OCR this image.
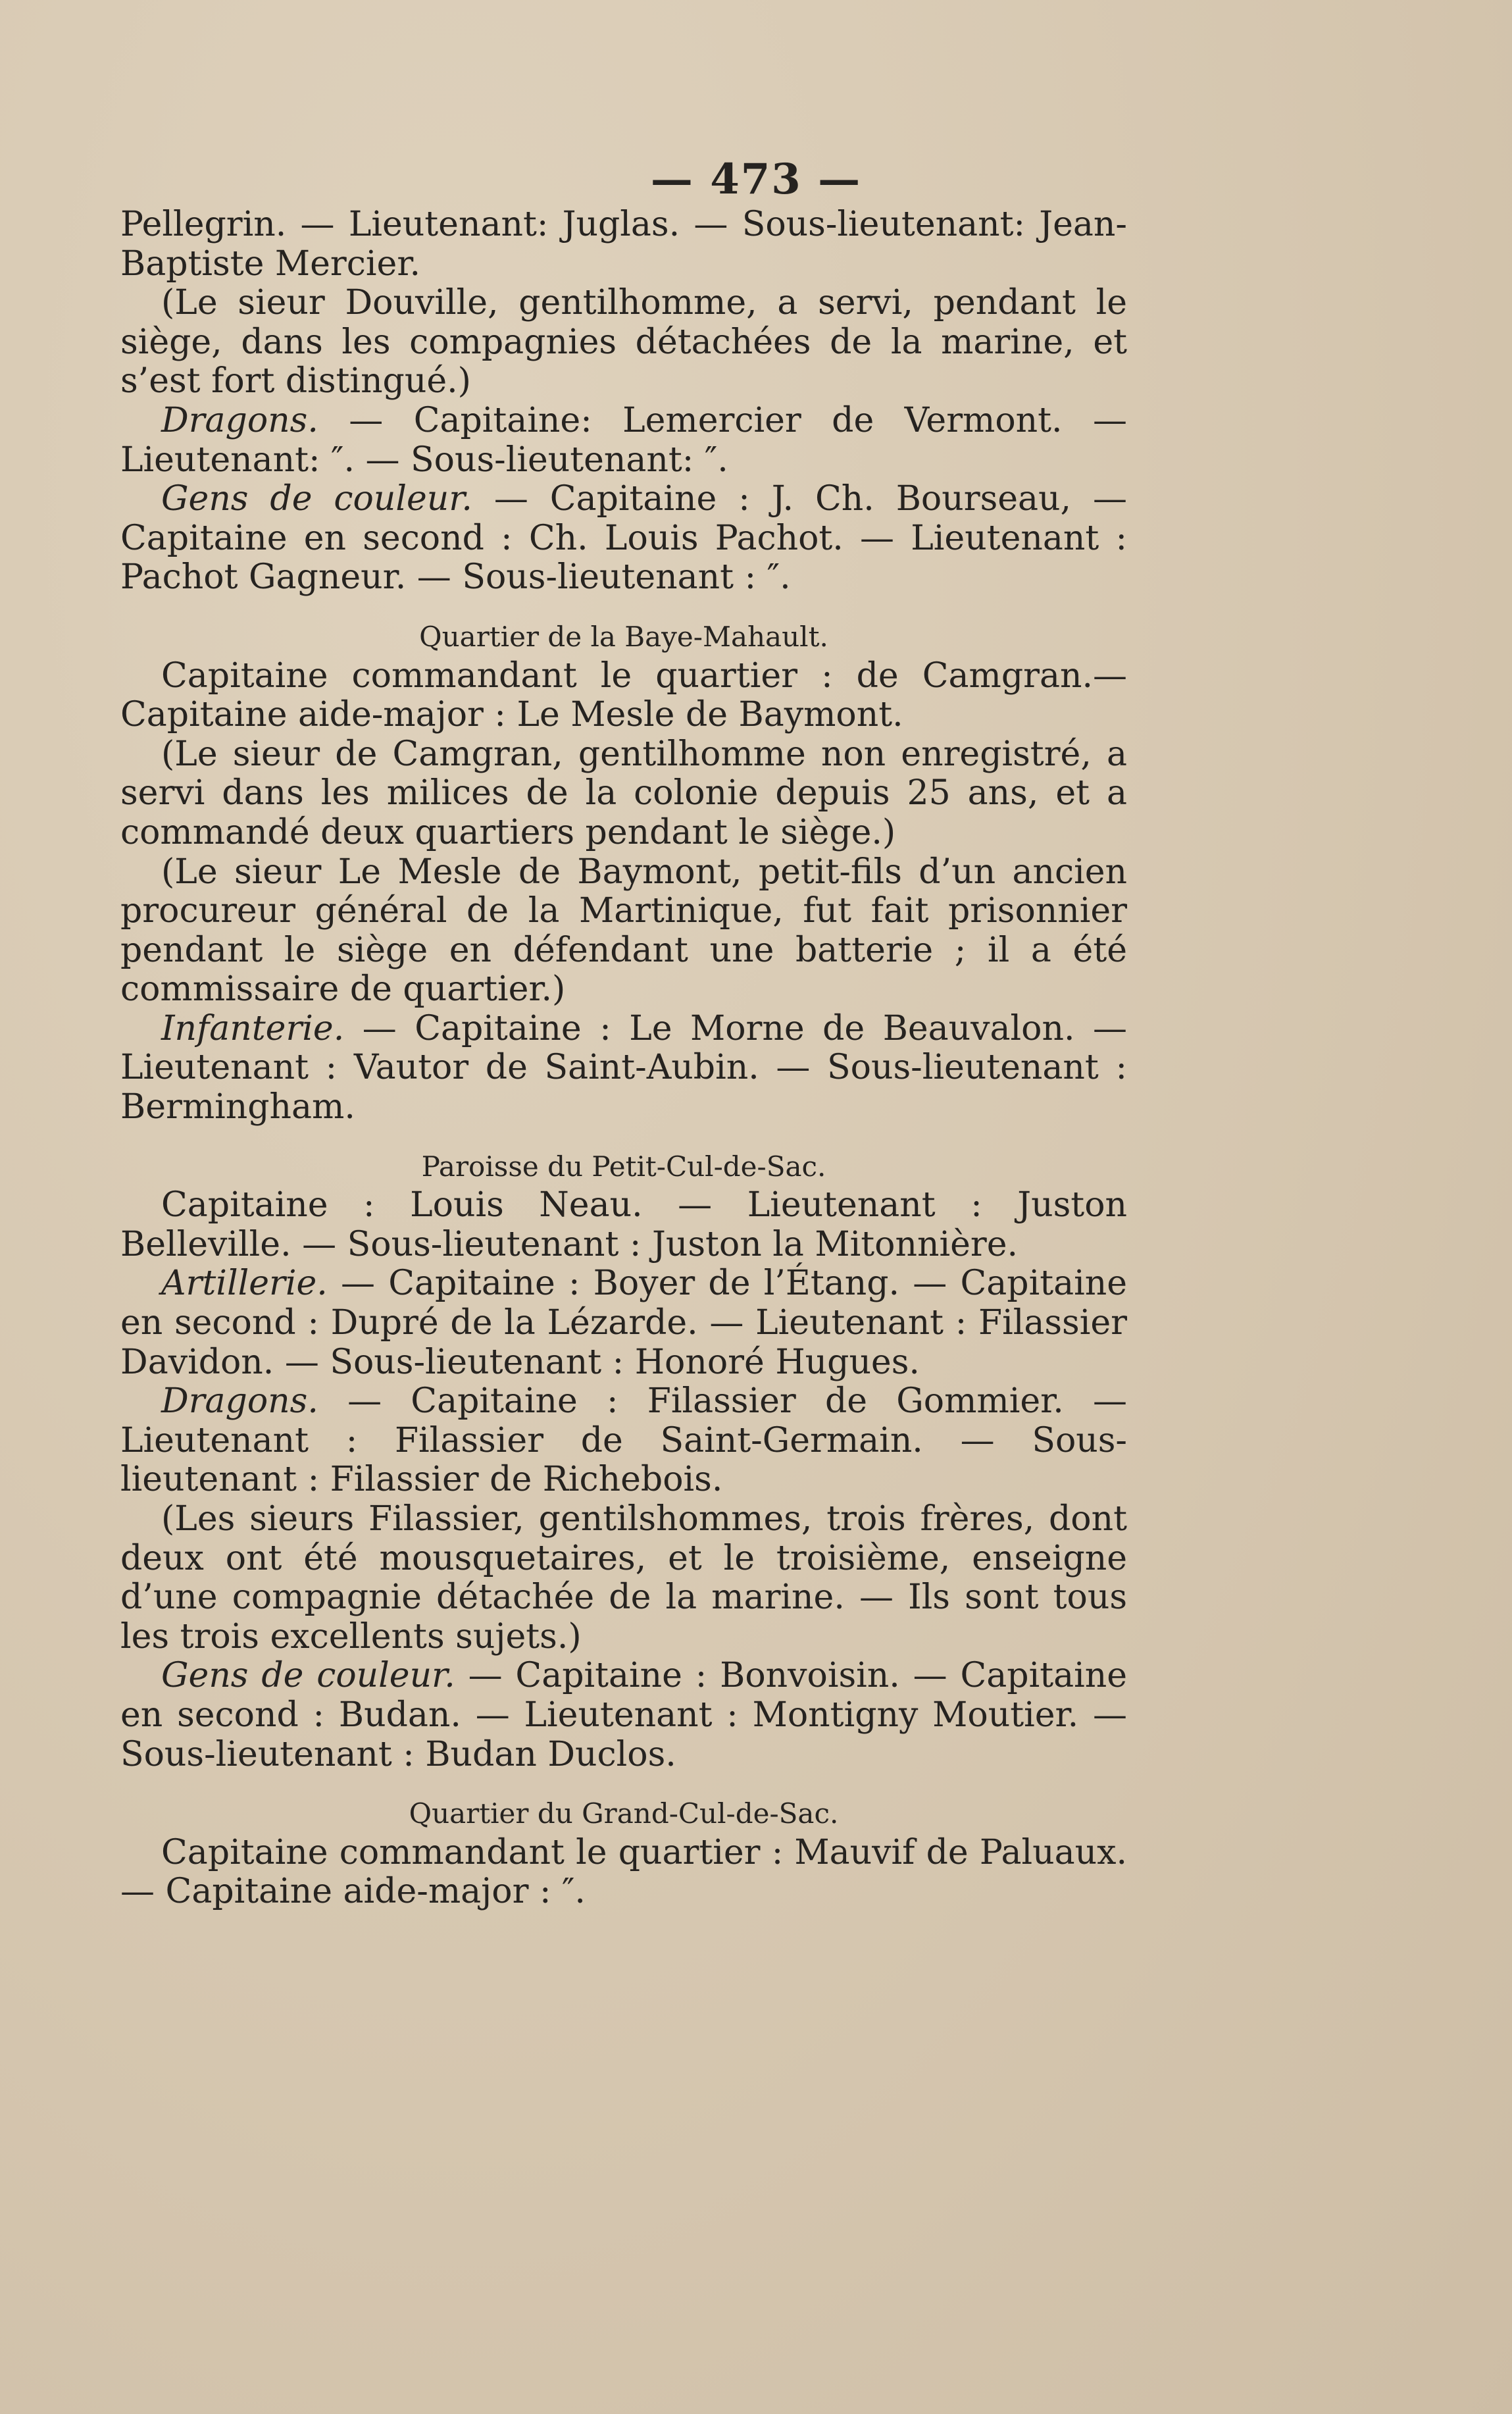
— 473 —

Pellegrin. — Lieutenant: Juglas. — Sous-lieutenant: Jean-Baptiste Mercier.

(Le sieur Douville, gentilhomme, a servi, pendant le siège, dans les compagnies détachées de la marine, et s’est fort distingué.)

Dragons. — Capitaine: Lemercier de Vermont. — Lieutenant: ″. — Sous-lieutenant: ″.

Gens de couleur. — Capitaine : J. Ch. Bourseau, — Capitaine en second : Ch. Louis Pachot. — Lieutenant : Pachot Gagneur. — Sous-lieutenant : ″.

Quartier de la Baye-Mahault.

Capitaine commandant le quartier : de Camgran.— Capitaine aide-major : Le Mesle de Baymont.

(Le sieur de Camgran, gentilhomme non enregistré, a servi dans les milices de la colonie depuis 25 ans, et a commandé deux quartiers pendant le siège.)

(Le sieur Le Mesle de Baymont, petit-fils d’un ancien procureur général de la Martinique, fut fait prisonnier pendant le siège en défendant une batterie ; il a été commissaire de quartier.)

Infanterie. — Capitaine : Le Morne de Beauvalon. — Lieutenant : Vautor de Saint-Aubin. — Sous-lieutenant : Bermingham.

Paroisse du Petit-Cul-de-Sac.

Capitaine : Louis Neau. — Lieutenant : Juston Belleville. — Sous-lieutenant : Juston la Mitonnière.

Artillerie. — Capitaine : Boyer de l’Étang. — Capitaine en second : Dupré de la Lézarde. — Lieutenant : Filassier Davidon. — Sous-lieutenant : Honoré Hugues.

Dragons. — Capitaine : Filassier de Gommier. — Lieutenant : Filassier de Saint-Germain. — Sous-lieutenant : Filassier de Richebois.

(Les sieurs Filassier, gentilshommes, trois frères, dont deux ont été mousquetaires, et le troisième, enseigne d’une compagnie détachée de la marine. — Ils sont tous les trois excellents sujets.)

Gens de couleur. — Capitaine : Bonvoisin. — Capitaine en second : Budan. — Lieutenant : Montigny Moutier. — Sous-lieutenant : Budan Duclos.

Quartier du Grand-Cul-de-Sac.

Capitaine commandant le quartier : Mauvif de Paluaux. — Capitaine aide-major : ″.
